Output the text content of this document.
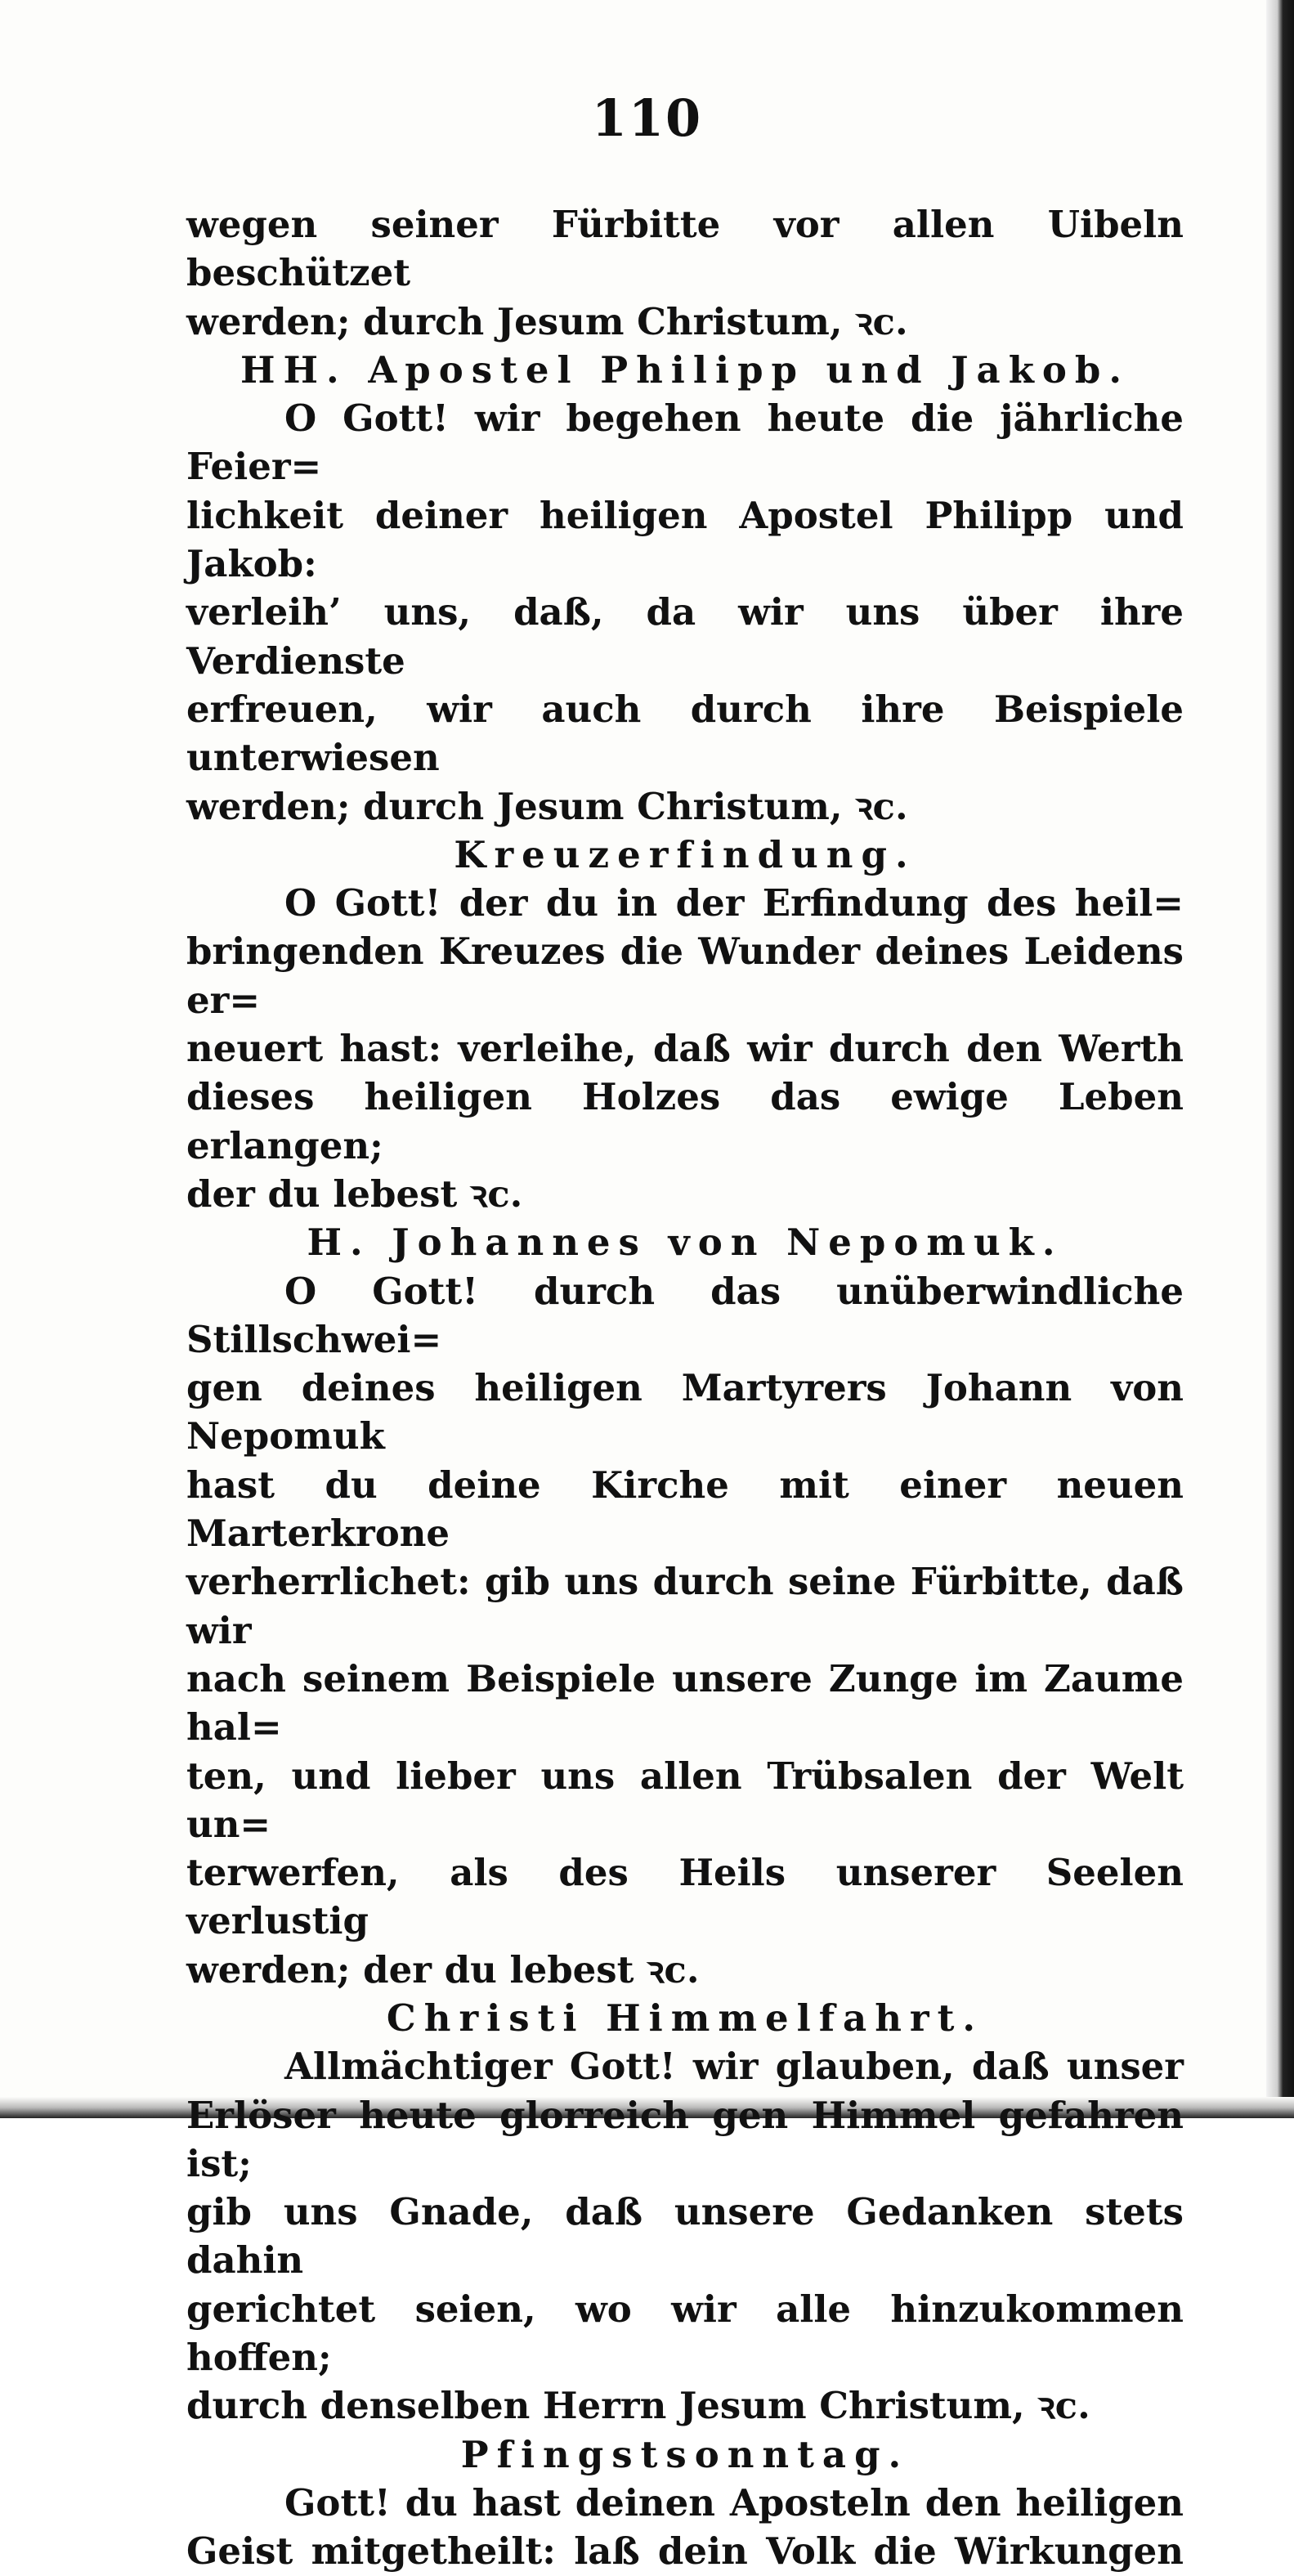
110
wegen seiner Fürbitte vor allen Uibeln beschützet
werden; durch Jesum Christum, ꝛc.
HH. Apostel Philipp und Jakob.
O Gott! wir begehen heute die jährliche Feier=
lichkeit deiner heiligen Apostel Philipp und Jakob:
verleih’ uns, daß, da wir uns über ihre Verdienste
erfreuen, wir auch durch ihre Beispiele unterwiesen
werden; durch Jesum Christum, ꝛc.
Kreuzerfindung.
O Gott! der du in der Erfindung des heil=
bringenden Kreuzes die Wunder deines Leidens er=
neuert hast: verleihe, daß wir durch den Werth
dieses heiligen Holzes das ewige Leben erlangen;
der du lebest ꝛc.
H. Johannes von Nepomuk.
O Gott! durch das unüberwindliche Stillschwei=
gen deines heiligen Martyrers Johann von Nepomuk
hast du deine Kirche mit einer neuen Marterkrone
verherrlichet: gib uns durch seine Fürbitte, daß wir
nach seinem Beispiele unsere Zunge im Zaume hal=
ten, und lieber uns allen Trübsalen der Welt un=
terwerfen, als des Heils unserer Seelen verlustig
werden; der du lebest ꝛc.
Christi Himmelfahrt.
Allmächtiger Gott! wir glauben, daß unser
Erlöser heute glorreich gen Himmel gefahren ist;
gib uns Gnade, daß unsere Gedanken stets dahin
gerichtet seien, wo wir alle hinzukommen hoffen;
durch denselben Herrn Jesum Christum, ꝛc.
Pfingstsonntag.
Gott! du hast deinen Aposteln den heiligen
Geist mitgetheilt: laß dein Volk die Wirkungen
